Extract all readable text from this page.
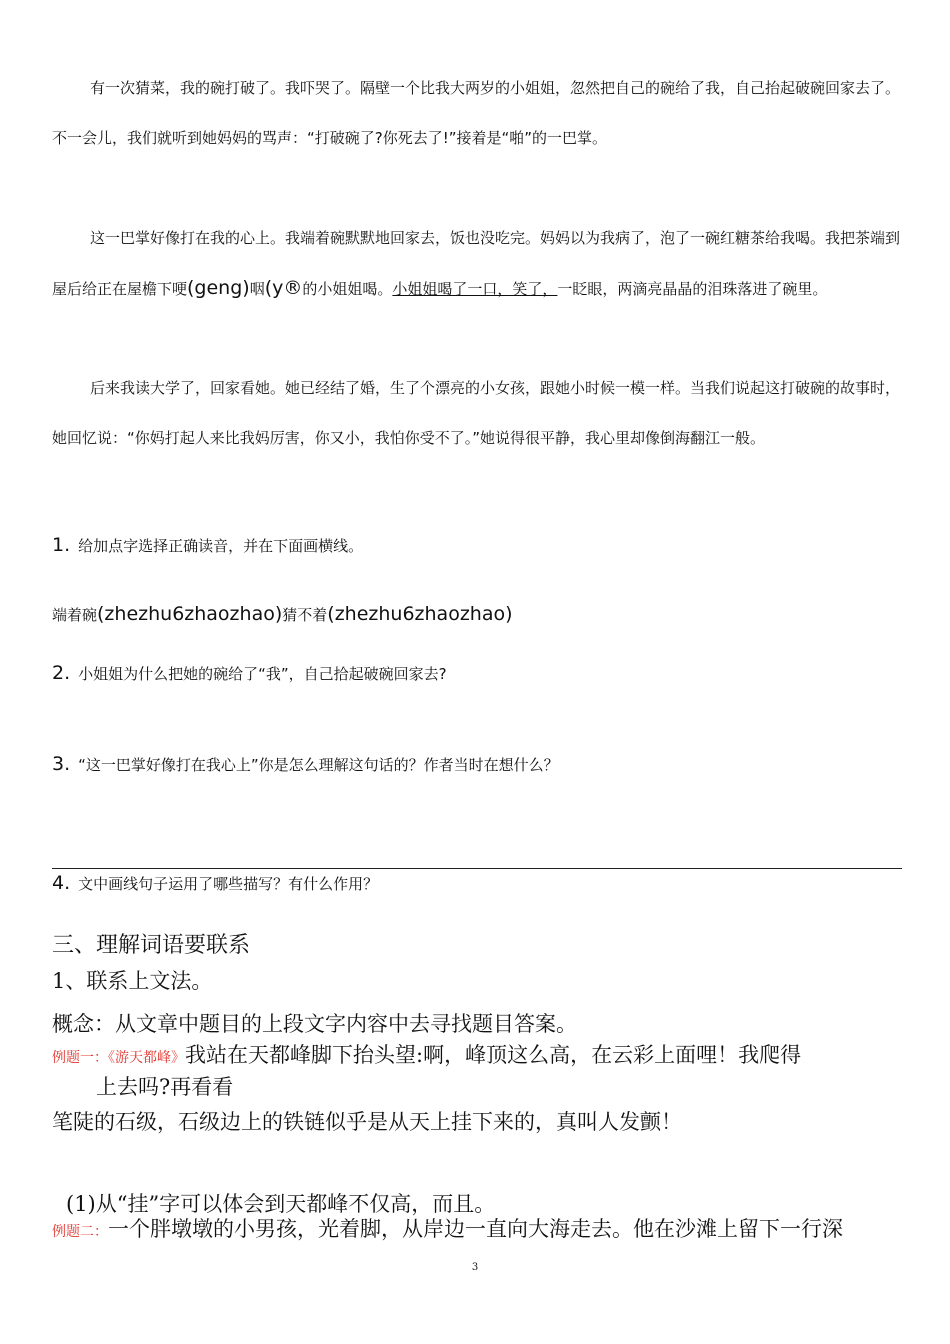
有一次猜菜，我的碗打破了。我吓哭了。隔壁一个比我大两岁的小姐姐，忽然把自己的碗给了我，自己抬起破碗回家去了。不一会儿，我们就听到她妈妈的骂声：“打破碗了?你死去了!”接着是“啪”的一巴掌。

这一巴掌好像打在我的心上。我端着碗默默地回家去，饭也没吃完。妈妈以为我病了，泡了一碗红糖茶给我喝。我把茶端到屋后给正在屋檐下哽(geng)咽(y®的小姐姐喝。小姐姐喝了一口，笑了，一眨眼，两滴亮晶晶的泪珠落进了碗里。

后来我读大学了，回家看她。她已经结了婚，生了个漂亮的小女孩，跟她小时候一模一样。当我们说起这打破碗的故事时，她回忆说：“你妈打起人来比我妈厉害，你又小，我怕你受不了。”她说得很平静，我心里却像倒海翻江一般。

1. 给加点字选择正确读音，并在下面画横线。
端着碗(zhezhu6zhaozhao)猜不着(zhezhu6zhaozhao)
2. 小姐姐为什么把她的碗给了“我”，自己拾起破碗回家去?
3. “这一巴掌好像打在我心上”你是怎么理解这句话的？作者当时在想什么？
4. 文中画线句子运用了哪些描写？有什么作用？
三、理解词语要联系
1、联系上文法。
概念：从文章中题目的上段文字内容中去寻找题目答案。
例题一：《游天都峰》我站在天都峰脚下抬头望:啊，峰顶这么高，在云彩上面哩！我爬得
上去吗?再看看
笔陡的石级，石级边上的铁链似乎是从天上挂下来的，真叫人发颤！
(1)从“挂”字可以体会到天都峰不仅高，而且。
例题二：一个胖墩墩的小男孩，光着脚，从岸边一直向大海走去。他在沙滩上留下一行深
3
